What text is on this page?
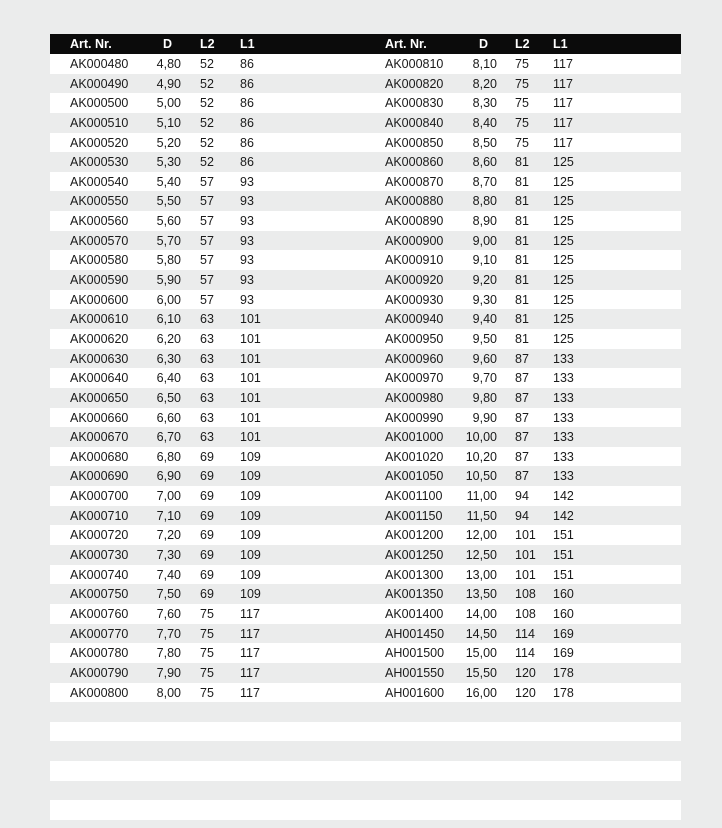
Art. Nr.	D L2 L1	Art. Nr.	D L2 L1
AK000480 4,80 52 86	AK000810	8,10 75 117
AK000490 4,90 52 86	AK000820	8,20 75 117
AK000500 5,00 52 86	AK000830	8,30 75 117
AK000510 5,10 52 86	AK000840	8,40 75 117
AK000520 5,20 52 86	AK000850	8,50 75 117
AK000530 5,30 52 86	AK000860	8,60 81 125
AK000540 5,40 57 93	AK000870	8,70 81 125
AK000550 5,50 57 93	AK000880	8,80 81 125
AK000560 5,60 57 93	AK000890	8,90 81 125
AK000570 5,70 57 93	AK000900	9,00 81 125
AK000580 5,80 57 93	AK000910	9,10 81 125
AK000590 5,90 57 93	AK000920	9,20 81 125
AK000600 6,00 57 93	AK000930	9,30 81 125
AK000610 6,10 63 101	AK000940	9,40 81 125
AK000620 6,20 63 101	AK000950	9,50 81 125
AK000630 6,30 63 101	AK000960	9,60 87 133
AK000640 6,40 63 101	AK000970	9,70 87 133
AK000650 6,50 63 101	AK000980	9,80 87 133
AK000660 6,60 63 101	AK000990	9,90 87 133
AK000670 6,70 63 101	AK001000 10,00 87 133
AK000680 6,80 69 109	AK001020 10,20 87 133
AK000690 6,90 69 109	AK001050 10,50 87 133
AK000700 7,00 69 109	AK001100 11,00 94 142
AK000710 7,10 69 109	AK001150 11,50 94 142
AK000720 7,20 69 109	AK001200 12,00 101 151
AK000730 7,30 69 109	AK001250 12,50 101 151
AK000740 7,40 69 109	AK001300 13,00 101 151
AK000750 7,50 69 109	AK001350 13,50 108 160
AK000760 7,60 75 117	AK001400 14,00 108 160
AK000770 7,70 75 117	AH001450 14,50 114 169
AK000780 7,80 75 117	AH001500 15,00 114 169
AK000790 7,90 75 117	AH001550 15,50 120 178
AK000800 8,00 75 117	AH001600 16,00 120 178
